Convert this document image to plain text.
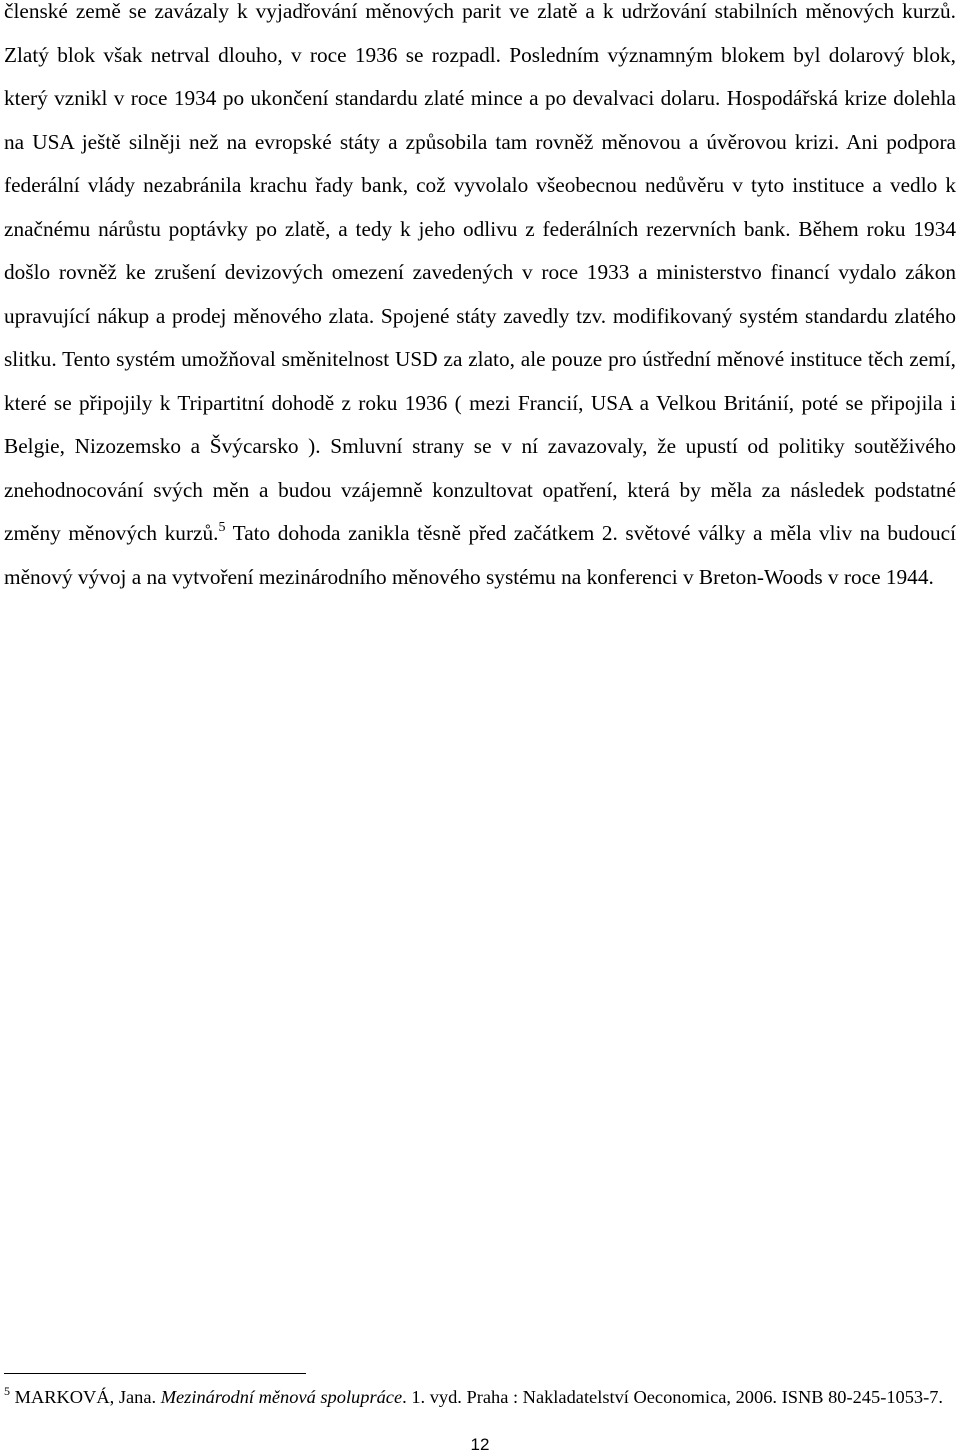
členské země se zavázaly k vyjadřování měnových parit ve zlatě a k udržování stabilních měnových kurzů. Zlatý blok však netrval dlouho, v roce 1936 se rozpadl. Posledním významným blokem byl dolarový blok, který vznikl v roce 1934 po ukončení standardu zlaté mince a po devalvaci dolaru. Hospodářská krize dolehla na USA ještě silněji než na evropské státy a způsobila tam rovněž měnovou a úvěrovou krizi. Ani podpora federální vlády nezabránila krachu řady bank, což vyvolalo všeobecnou nedůvěru v tyto instituce a vedlo k značnému nárůstu poptávky po zlatě, a tedy k jeho odlivu z federálních rezervních bank. Během roku 1934 došlo rovněž ke zrušení devizových omezení zavedených v roce 1933 a ministerstvo financí vydalo zákon upravující nákup a prodej měnového zlata. Spojené státy zavedly tzv. modifikovaný systém standardu zlatého slitku. Tento systém umožňoval směnitelnost USD za zlato, ale pouze pro ústřední měnové instituce těch zemí, které se připojily k Tripartitní dohodě z roku 1936 ( mezi Francií, USA a Velkou Británií, poté se připojila i Belgie, Nizozemsko a Švýcarsko ). Smluvní strany se v ní zavazovaly, že upustí od politiky soutěživého znehodnocování svých měn a budou vzájemně konzultovat opatření, která by měla za následek podstatné změny měnových kurzů.$^5$ Tato dohoda zanikla těsně před začátkem 2. světové války a měla vliv na budoucí měnový vývoj a na vytvoření mezinárodního měnového systému na konferenci v Breton-Woods v roce 1944.

$^5$ MARKOVÁ, Jana. Mezinárodní měnová spolupráce. 1. vyd. Praha : Nakladatelství Oeconomica, 2006. ISNB 80-245-1053-7.

12
